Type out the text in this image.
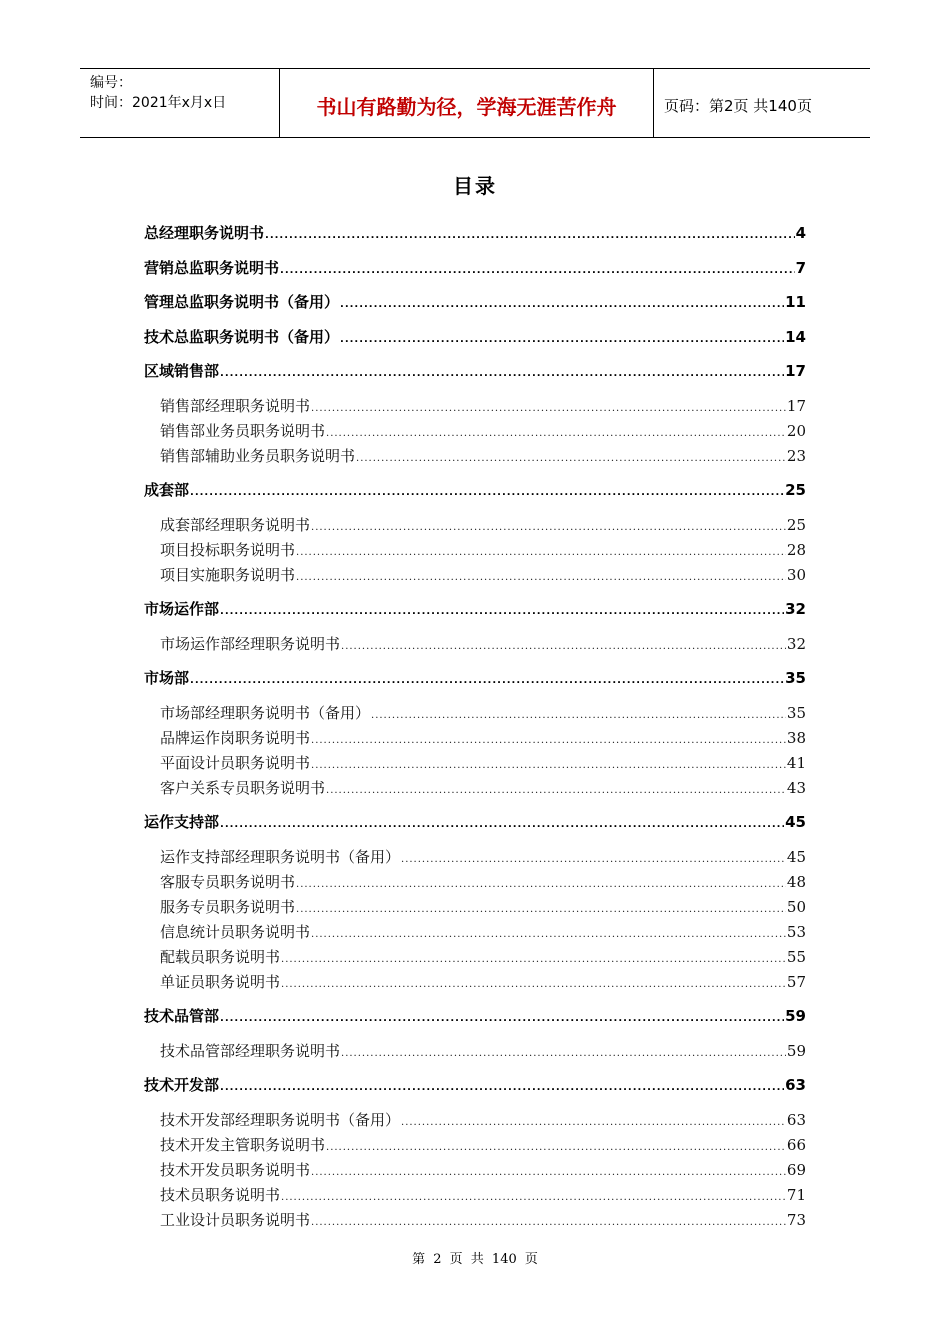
编号：
时间：2021年x月x日	书山有路勤为径，学海无涯苦作舟	页码：第2页 共140页
目录
总经理职务说明书 .....	4
营销总监职务说明书 .....	7
管理总监职务说明书（备用） .....	11
技术总监职务说明书（备用） .....	14
区域销售部 .....	17
销售部经理职务说明书 .....	17
销售部业务员职务说明书 .....	20
销售部辅助业务员职务说明书 .....	23
成套部 .....	25
成套部经理职务说明书 .....	25
项目投标职务说明书 .....	28
项目实施职务说明书 .....	30
市场运作部 .....	32
市场运作部经理职务说明书 .....	32
市场部 .....	35
市场部经理职务说明书（备用） .....	35
品牌运作岗职务说明书 .....	38
平面设计员职务说明书 .....	41
客户关系专员职务说明书 .....	43
运作支持部 .....	45
运作支持部经理职务说明书（备用） .....	45
客服专员职务说明书 .....	48
服务专员职务说明书 .....	50
信息统计员职务说明书 .....	53
配载员职务说明书 .....	55
单证员职务说明书 .....	57
技术品管部 .....	59
技术品管部经理职务说明书 .....	59
技术开发部 .....	63
技术开发部经理职务说明书（备用） .....	63
技术开发主管职务说明书 .....	66
技术开发员职务说明书 .....	69
技术员职务说明书 .....	71
工业设计员职务说明书 .....	73
第 2 页 共 140 页
